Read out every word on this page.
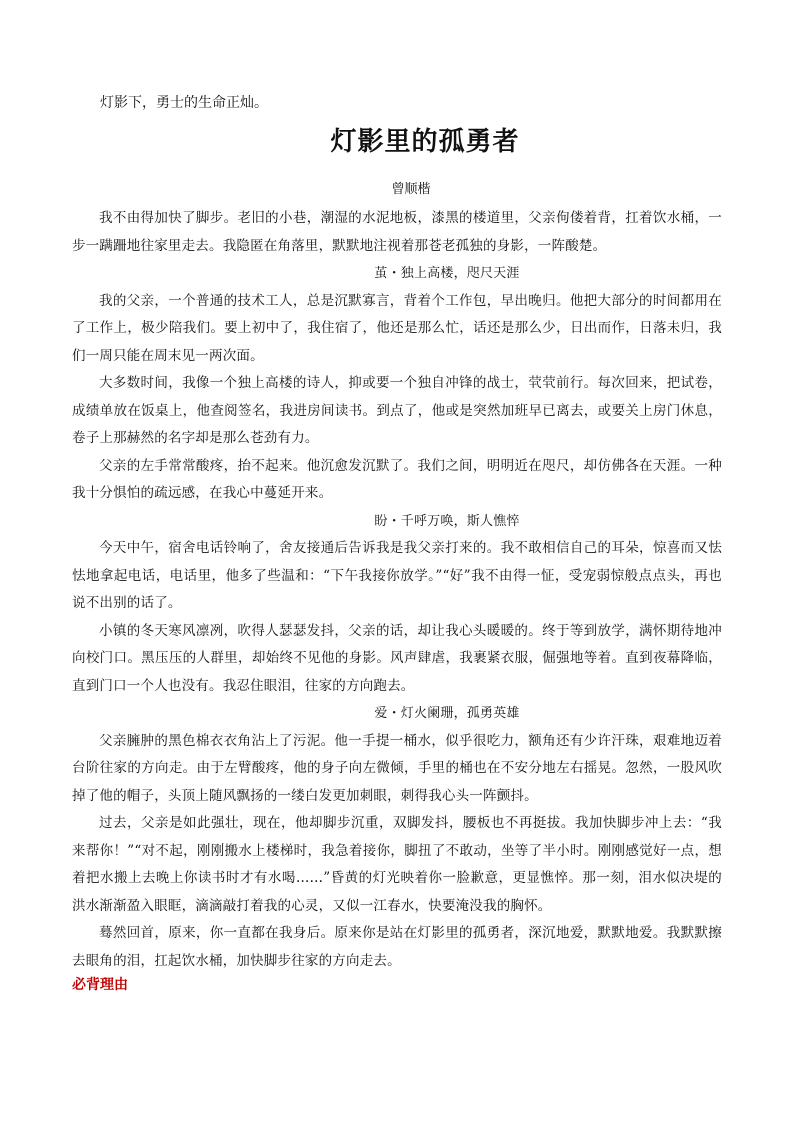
灯影下，勇士的生命正灿。
灯影里的孤勇者
曾顺楷

我不由得加快了脚步。老旧的小巷，潮湿的水泥地板，漆黑的楼道里，父亲佝偻着背，扛着饮水桶，一步一蹒跚地往家里走去。我隐匿在角落里，默默地注视着那苍老孤独的身影，一阵酸楚。

茧・独上高楼，咫尺天涯

我的父亲，一个普通的技术工人，总是沉默寡言，背着个工作包，早出晚归。他把大部分的时间都用在了工作上，极少陪我们。要上初中了，我住宿了，他还是那么忙，话还是那么少，日出而作，日落未归，我们一周只能在周末见一两次面。

大多数时间，我像一个独上高楼的诗人，抑或要一个独自冲锋的战士，茕茕前行。每次回来，把试卷，成绩单放在饭桌上，他查阅签名，我进房间读书。到点了，他或是突然加班早已离去，或要关上房门休息，卷子上那赫然的名字却是那么苍劲有力。

父亲的左手常常酸疼，抬不起来。他沉愈发沉默了。我们之间，明明近在咫尺，却仿佛各在天涯。一种我十分惧怕的疏远感，在我心中蔓延开来。

盼・千呼万唤，斯人憔悴

今天中午，宿舍电话铃响了，舍友接通后告诉我是我父亲打来的。我不敢相信自己的耳朵，惊喜而又怯怯地拿起电话，电话里，他多了些温和：“下午我接你放学。”“好”我不由得一怔，受宠弱惊般点点头，再也说不出别的话了。

小镇的冬天寒风凛冽，吹得人瑟瑟发抖，父亲的话，却让我心头暖暖的。终于等到放学，满怀期待地冲向校门口。黑压压的人群里，却始终不见他的身影。风声肆虐，我裹紧衣服，倔强地等着。直到夜幕降临，直到门口一个人也没有。我忍住眼泪，往家的方向跑去。

爱・灯火阑珊，孤勇英雄

父亲臃肿的黑色棉衣衣角沾上了污泥。他一手提一桶水，似乎很吃力，额角还有少许汗珠，艰难地迈着台阶往家的方向走。由于左臂酸疼，他的身子向左微倾，手里的桶也在不安分地左右摇晃。忽然，一股风吹掉了他的帽子，头顶上随风飘扬的一缕白发更加刺眼，刺得我心头一阵颤抖。

过去，父亲是如此强壮，现在，他却脚步沉重，双脚发抖，腰板也不再挺拔。我加快脚步冲上去：“我来帮你！”“对不起，刚刚搬水上楼梯时，我急着接你，脚扭了不敢动，坐等了半小时。刚刚感觉好一点，想着把水搬上去晚上你读书时才有水喝……”昏黄的灯光映着你一脸歉意，更显憔悴。那一刻，泪水似决堤的洪水渐渐盈入眼眶，滴滴敲打着我的心灵，又似一江春水，快要淹没我的胸怀。

蓦然回首，原来，你一直都在我身后。原来你是站在灯影里的孤勇者，深沉地爱，默默地爱。我默默擦去眼角的泪，扛起饮水桶，加快脚步往家的方向走去。

必背理由
